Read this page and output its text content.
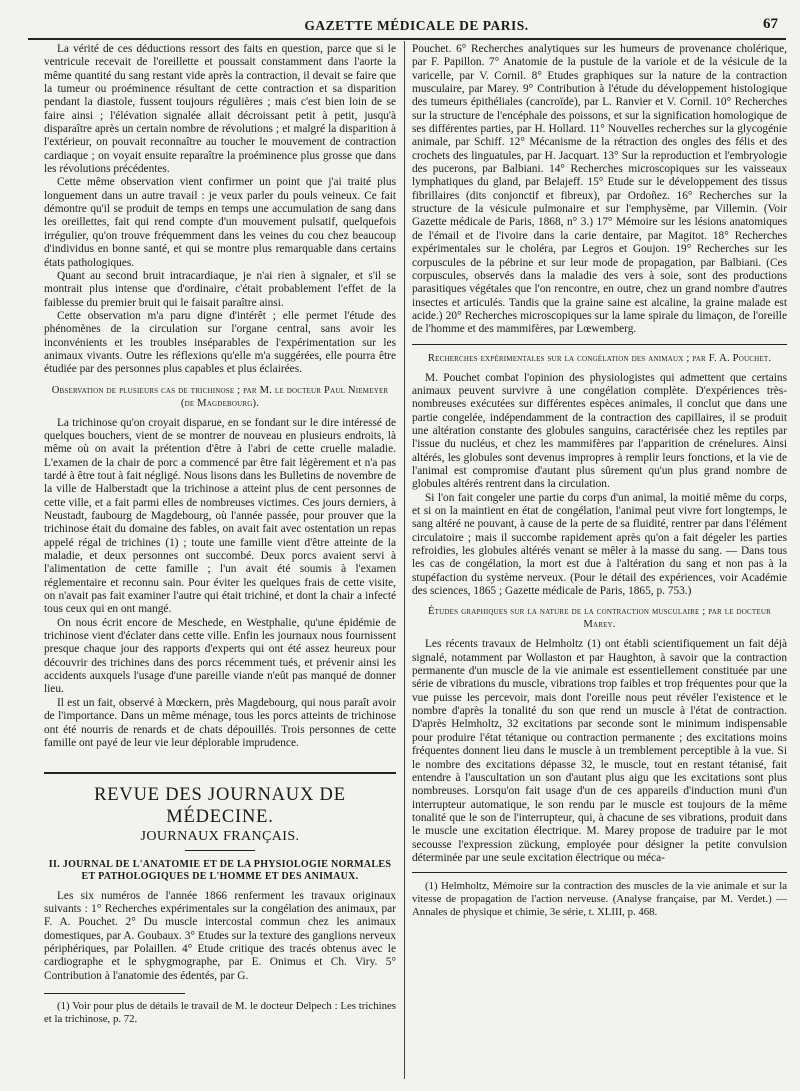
GAZETTE MÉDICALE DE PARIS.	67

La vérité de ces déductions ressort des faits en question, parce que si le ventricule recevait de l'oreillette et poussait constamment dans l'aorte la même quantité du sang restant vide après la contraction, il devait se faire que la tumeur ou proéminence résultant de cette contraction et sa disparition pendant la diastole, fussent toujours régulières ; mais c'est bien loin de se faire ainsi ; l'élévation signalée allait décroissant petit à petit, jusqu'à disparaître après un certain nombre de révolutions ; et malgré la disparition à l'extérieur, on pouvait reconnaître au toucher le mouvement de contraction cardiaque ; on voyait ensuite reparaître la proéminence plus grosse que dans les révolutions précédentes.

Cette même observation vient confirmer un point que j'ai traité plus longuement dans un autre travail : je veux parler du pouls veineux. Ce fait démontre qu'il se produit de temps en temps une accumulation de sang dans les oreillettes, fait qui rend compte d'un mouvement pulsatif, quelquefois irrégulier, qu'on trouve fréquemment dans les veines du cou chez beaucoup d'individus en bonne santé, et qui se montre plus remarquable dans certains états pathologiques.

Quant au second bruit intracardiaque, je n'ai rien à signaler, et s'il se montrait plus intense que d'ordinaire, c'était probablement l'effet de la faiblesse du premier bruit qui le faisait paraître ainsi.

Cette observation m'a paru digne d'intérêt ; elle permet l'étude des phénomènes de la circulation sur l'organe central, sans avoir les inconvénients et les troubles inséparables de l'expérimentation sur les animaux vivants. Outre les réflexions qu'elle m'a suggérées, elle pourra être étudiée par des personnes plus capables et plus éclairées.

Observation de plusieurs cas de trichinose ; par M. le docteur Paul Niemeyer (de Magdebourg).

La trichinose qu'on croyait disparue, en se fondant sur le dire intéressé de quelques bouchers, vient de se montrer de nouveau en plusieurs endroits, là même où on avait la prétention d'être à l'abri de cette cruelle maladie. L'examen de la chair de porc a commencé par être fait légèrement et n'a pas tardé à être tout à fait négligé. Nous lisons dans les Bulletins de novembre de la ville de Halberstadt que la trichinose a atteint plus de cent personnes de cette ville, et a fait parmi elles de nombreuses victimes. Ces jours derniers, à Neustadt, faubourg de Magdebourg, où l'année passée, pour prouver que la trichinose était du domaine des fables, on avait fait avec ostentation un repas appelé régal de trichines (1) ; toute une famille vient d'être atteinte de la maladie, et deux personnes ont succombé. Deux porcs avaient servi à l'alimentation de cette famille ; l'un avait été soumis à l'examen réglementaire et reconnu sain. Pour éviter les quelques frais de cette visite, on n'avait pas fait examiner l'autre qui était trichiné, et dont la chair a infecté tous ceux qui en ont mangé.

On nous écrit encore de Meschede, en Westphalie, qu'une épidémie de trichinose vient d'éclater dans cette ville. Enfin les journaux nous fournissent presque chaque jour des rapports d'experts qui ont été assez heureux pour découvrir des trichines dans des porcs récemment tués, et prévenir ainsi les accidents auxquels l'usage d'une pareille viande n'eût pas manqué de donner lieu.

Il est un fait, observé à Mœckern, près Magdebourg, qui nous paraît avoir de l'importance. Dans un même ménage, tous les porcs atteints de trichinose ont été nourris de renards et de chats dépouillés. Trois personnes de cette famille ont payé de leur vie leur déplorable imprudence.

REVUE DES JOURNAUX DE MÉDECINE.
JOURNAUX FRANÇAIS.
II. JOURNAL DE L'ANATOMIE ET DE LA PHYSIOLOGIE NORMALES ET PATHOLOGIQUES DE L'HOMME ET DES ANIMAUX.

Les six numéros de l'année 1866 renferment les travaux originaux suivants : 1° Recherches expérimentales sur la congélation des animaux, par F. A. Pouchet. 2° Du muscle intercostal commun chez les animaux domestiques, par A. Goubaux. 3° Etudes sur la texture des ganglions nerveux périphériques, par Polaillen. 4° Etude critique des tracés obtenus avec le cardiographe et le sphygmographe, par E. Onimus et Ch. Viry. 5° Contribution à l'anatomie des édentés, par G.

(1) Voir pour plus de détails le travail de M. le docteur Delpech : Les trichines et la trichinose, p. 72.

Pouchet. 6° Recherches analytiques sur les humeurs de provenance cholérique, par F. Papillon. 7° Anatomie de la pustule de la variole et de la vésicule de la varicelle, par V. Cornil. 8° Etudes graphiques sur la nature de la contraction musculaire, par Marey. 9° Contribution à l'étude du développement histologique des tumeurs épithéliales (cancroïde), par L. Ranvier et V. Cornil. 10° Recherches sur la structure de l'encéphale des poissons, et sur la signification homologique de ses différentes parties, par H. Hollard. 11° Nouvelles recherches sur la glycogénie animale, par Schiff. 12° Mécanisme de la rétraction des ongles des félis et des crochets des linguatules, par H. Jacquart. 13° Sur la reproduction et l'embryologie des pucerons, par Balbiani. 14° Recherches microscopiques sur les vaisseaux lymphatiques du gland, par Belajeff. 15° Etude sur le développement des tissus fibrillaires (dits conjonctif et fibreux), par Ordoñez. 16° Recherches sur la structure de la vésicule pulmonaire et sur l'emphysème, par Villemin. (Voir Gazette médicale de Paris, 1868, n° 3.) 17° Mémoire sur les lésions anatomiques de l'émail et de l'ivoire dans la carie dentaire, par Magitot. 18° Recherches expérimentales sur le choléra, par Legros et Goujon. 19° Recherches sur les corpuscules de la pébrine et sur leur mode de propagation, par Balbiani. (Ces corpuscules, observés dans la maladie des vers à soie, sont des productions parasitiques végétales que l'on rencontre, en outre, chez un grand nombre d'autres insectes et articulés. Tandis que la graine saine est alcaline, la graine malade est acide.) 20° Recherches microscopiques sur la lame spirale du limaçon, de l'oreille de l'homme et des mammifères, par Lœwemberg.

Recherches expérimentales sur la congélation des animaux ; par F. A. Pouchet.

M. Pouchet combat l'opinion des physiologistes qui admettent que certains animaux peuvent survivre à une congélation complète. D'expériences très-nombreuses exécutées sur différentes espèces animales, il conclut que dans une partie congelée, indépendamment de la contraction des capillaires, il se produit une altération constante des globules sanguins, caractérisée chez les reptiles par l'issue du nucléus, et chez les mammifères par l'apparition de crénelures. Ainsi altérés, les globules sont devenus impropres à remplir leurs fonctions, et la vie de l'animal est compromise d'autant plus sûrement qu'un plus grand nombre de globules altérés rentrent dans la circulation.

Si l'on fait congeler une partie du corps d'un animal, la moitié même du corps, et si on la maintient en état de congélation, l'animal peut vivre fort longtemps, le sang altéré ne pouvant, à cause de la perte de sa fluidité, rentrer par dans l'élément circulatoire ; mais il succombe rapidement après qu'on a fait dégeler les parties refroidies, les globules altérés venant se mêler à la masse du sang. — Dans tous les cas de congélation, la mort est due à l'altération du sang et non pas à la stupéfaction du système nerveux. (Pour le détail des expériences, voir Académie des sciences, 1865 ; Gazette médicale de Paris, 1865, p. 753.)

Études graphiques sur la nature de la contraction musculaire ; par le docteur Marey.

Les récents travaux de Helmholtz (1) ont établi scientifiquement un fait déjà signalé, notamment par Wollaston et par Haughton, à savoir que la contraction permanente d'un muscle de la vie animale est essentiellement constituée par une série de vibrations du muscle, vibrations trop faibles et trop fréquentes pour que la vue puisse les percevoir, mais dont l'oreille nous peut révéler l'existence et le nombre d'après la tonalité du son que rend un muscle à l'état de contraction. D'après Helmholtz, 32 excitations par seconde sont le minimum indispensable pour produire l'état tétanique ou contraction permanente ; des excitations moins fréquentes donnent lieu dans le muscle à un tremblement perceptible à la vue. Si le nombre des excitations dépasse 32, le muscle, tout en restant tétanisé, fait entendre à l'auscultation un son d'autant plus aigu que les excitations sont plus nombreuses. Lorsqu'on fait usage d'un de ces appareils d'induction muni d'un interrupteur automatique, le son rendu par le muscle est toujours de la même tonalité que le son de l'interrupteur, qui, à chacune de ses vibrations, produit dans le muscle une excitation électrique. M. Marey propose de traduire par le mot secousse l'expression zückung, employée pour désigner la petite convulsion déterminée par une seule excitation électrique ou méca-

(1) Helmholtz, Mémoire sur la contraction des muscles de la vie animale et sur la vitesse de propagation de l'action nerveuse. (Analyse française, par M. Verdet.) — Annales de physique et chimie, 3e série, t. XLIII, p. 468.
